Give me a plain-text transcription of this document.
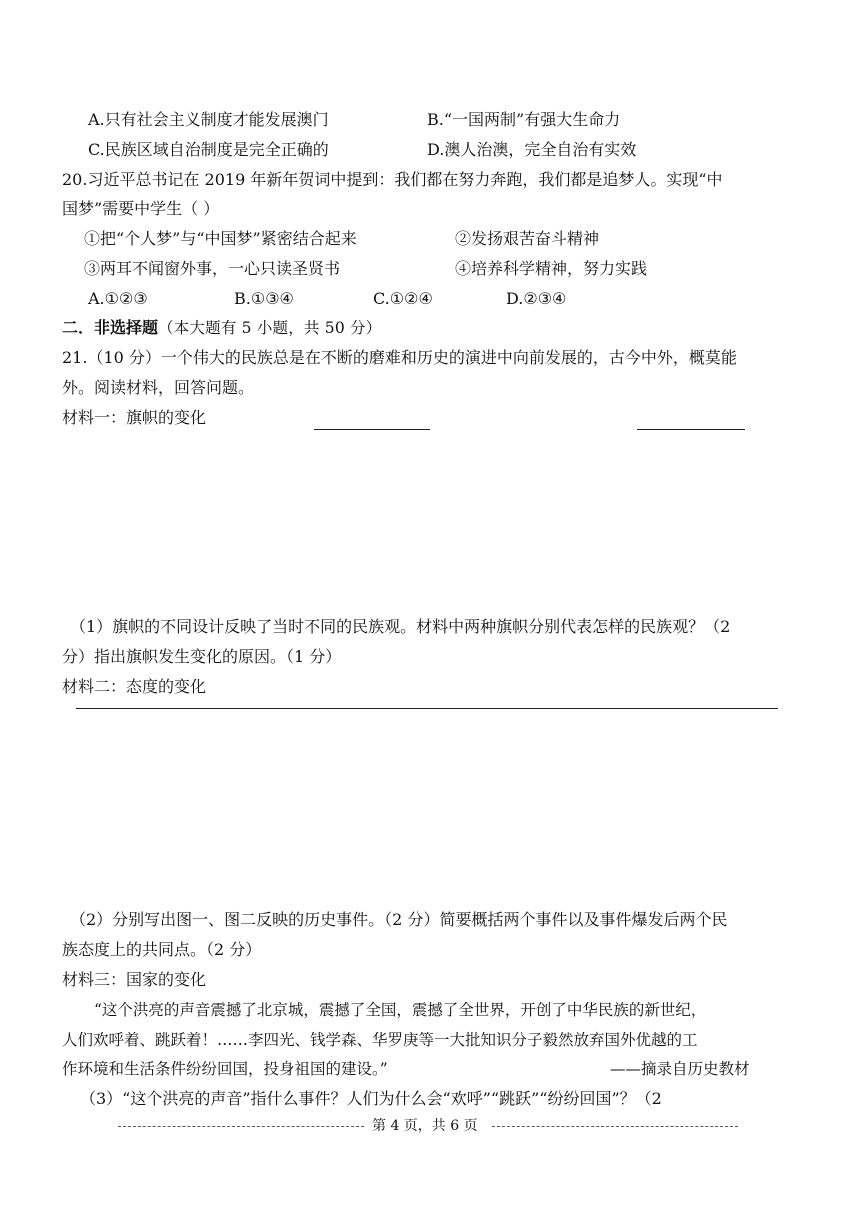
A.只有社会主义制度才能发展澳门	B.“一国两制”有强大生命力
C.民族区域自治制度是完全正确的	D.澳人治澳，完全自治有实效
20.习近平总书记在 2019 年新年贺词中提到：我们都在努力奔跑，我们都是追梦人。实现“中
国梦”需要中学生（ ）
①把“个人梦”与“中国梦”紧密结合起来	②发扬艰苦奋斗精神
③两耳不闻窗外事，一心只读圣贤书	④培养科学精神，努力实践
A.①②③	B.①③④	C.①②④	D.②③④
二．非选择题（本大题有 5 小题，共 50 分）
21.（10 分）一个伟大的民族总是在不断的磨难和历史的演进中向前发展的，古今中外，概莫能
外。阅读材料，回答问题。
材料一：旗帜的变化
（1）旗帜的不同设计反映了当时不同的民族观。材料中两种旗帜分别代表怎样的民族观？（2
分）指出旗帜发生变化的原因。（1 分）
材料二：态度的变化
（2）分别写出图一、图二反映的历史事件。（2 分）简要概括两个事件以及事件爆发后两个民
族态度上的共同点。（2 分）
材料三：国家的变化
“这个洪亮的声音震撼了北京城，震撼了全国，震撼了全世界，开创了中华民族的新世纪，
人们欢呼着、跳跃着！……李四光、钱学森、华罗庚等一大批知识分子毅然放弃国外优越的工
作环境和生活条件纷纷回国，投身祖国的建设。”	——摘录自历史教材
（3）“这个洪亮的声音”指什么事件？人们为什么会“欢呼”“跳跃”“纷纷回国”？（2
第 4 页，共 6 页
